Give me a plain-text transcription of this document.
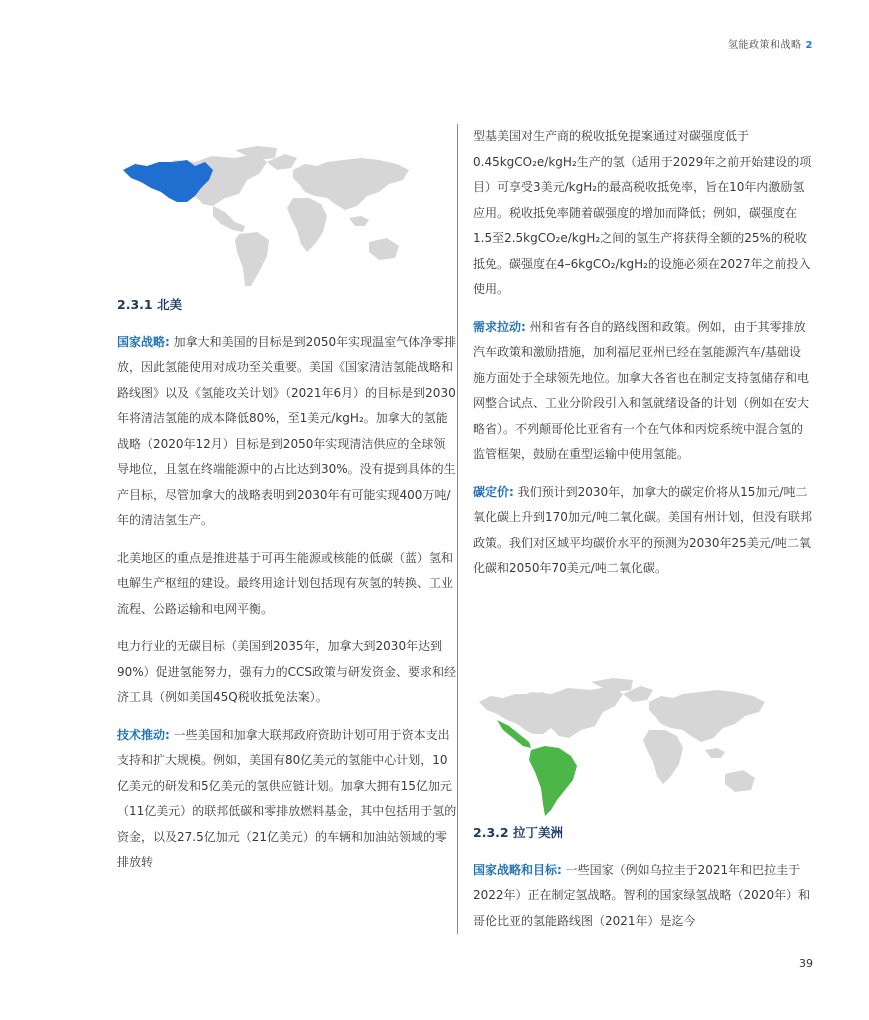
氢能政策和战略 2
2.3.1 北美
国家战略: 加拿大和美国的目标是到2050年实现温室气体净零排放，因此氢能使用对成功至关重要。美国《国家清洁氢能战略和路线图》以及《氢能攻关计划》（2021年6月）的目标是到2030年将清洁氢能的成本降低80%，至1美元/kgH₂。加拿大的氢能战略（2020年12月）目标是到2050年实现清洁供应的全球领导地位，且氢在终端能源中的占比达到30%。没有提到具体的生产目标，尽管加拿大的战略表明到2030年有可能实现400万吨/年的清洁氢生产。
北美地区的重点是推进基于可再生能源或核能的低碳（蓝）氢和电解生产枢纽的建设。最终用途计划包括现有灰氢的转换、工业流程、公路运输和电网平衡。
电力行业的无碳目标（美国到2035年，加拿大到2030年达到90%）促进氢能努力，强有力的CCS政策与研发资金、要求和经济工具（例如美国45Q税收抵免法案）。
技术推动: 一些美国和加拿大联邦政府资助计划可用于资本支出支持和扩大规模。例如，美国有80亿美元的氢能中心计划，10亿美元的研发和5亿美元的氢供应链计划。加拿大拥有15亿加元（11亿美元）的联邦低碳和零排放燃料基金，其中包括用于氢的资金，以及27.5亿加元（21亿美元）的车辆和加油站领域的零排放转
型基美国对生产商的税收抵免提案通过对碳强度低于0.45kgCO₂e/kgH₂生产的氢（适用于2029年之前开始建设的项目）可享受3美元/kgH₂的最高税收抵免率，旨在10年内激励氢应用。税收抵免率随着碳强度的增加而降低；例如，碳强度在1.5至2.5kgCO₂e/kgH₂之间的氢生产将获得全额的25%的税收抵免。碳强度在4–6kgCO₂/kgH₂的设施必须在2027年之前投入使用。
需求拉动: 州和省有各自的路线图和政策。例如，由于其零排放汽车政策和激励措施，加利福尼亚州已经在氢能源汽车/基础设施方面处于全球领先地位。加拿大各省也在制定支持氢储存和电网整合试点、工业分阶段引入和氢就绪设备的计划（例如在安大略省）。不列颠哥伦比亚省有一个在气体和丙烷系统中混合氢的监管框架，鼓励在重型运输中使用氢能。
碳定价: 我们预计到2030年，加拿大的碳定价将从15加元/吨二氧化碳上升到170加元/吨二氧化碳。美国有州计划，但没有联邦政策。我们对区域平均碳价水平的预测为2030年25美元/吨二氧化碳和2050年70美元/吨二氧化碳。
2.3.2 拉丁美洲
国家战略和目标: 一些国家（例如乌拉圭于2021年和巴拉圭于2022年）正在制定氢战略。智利的国家绿氢战略（2020年）和哥伦比亚的氢能路线图（2021年）是迄今
39
